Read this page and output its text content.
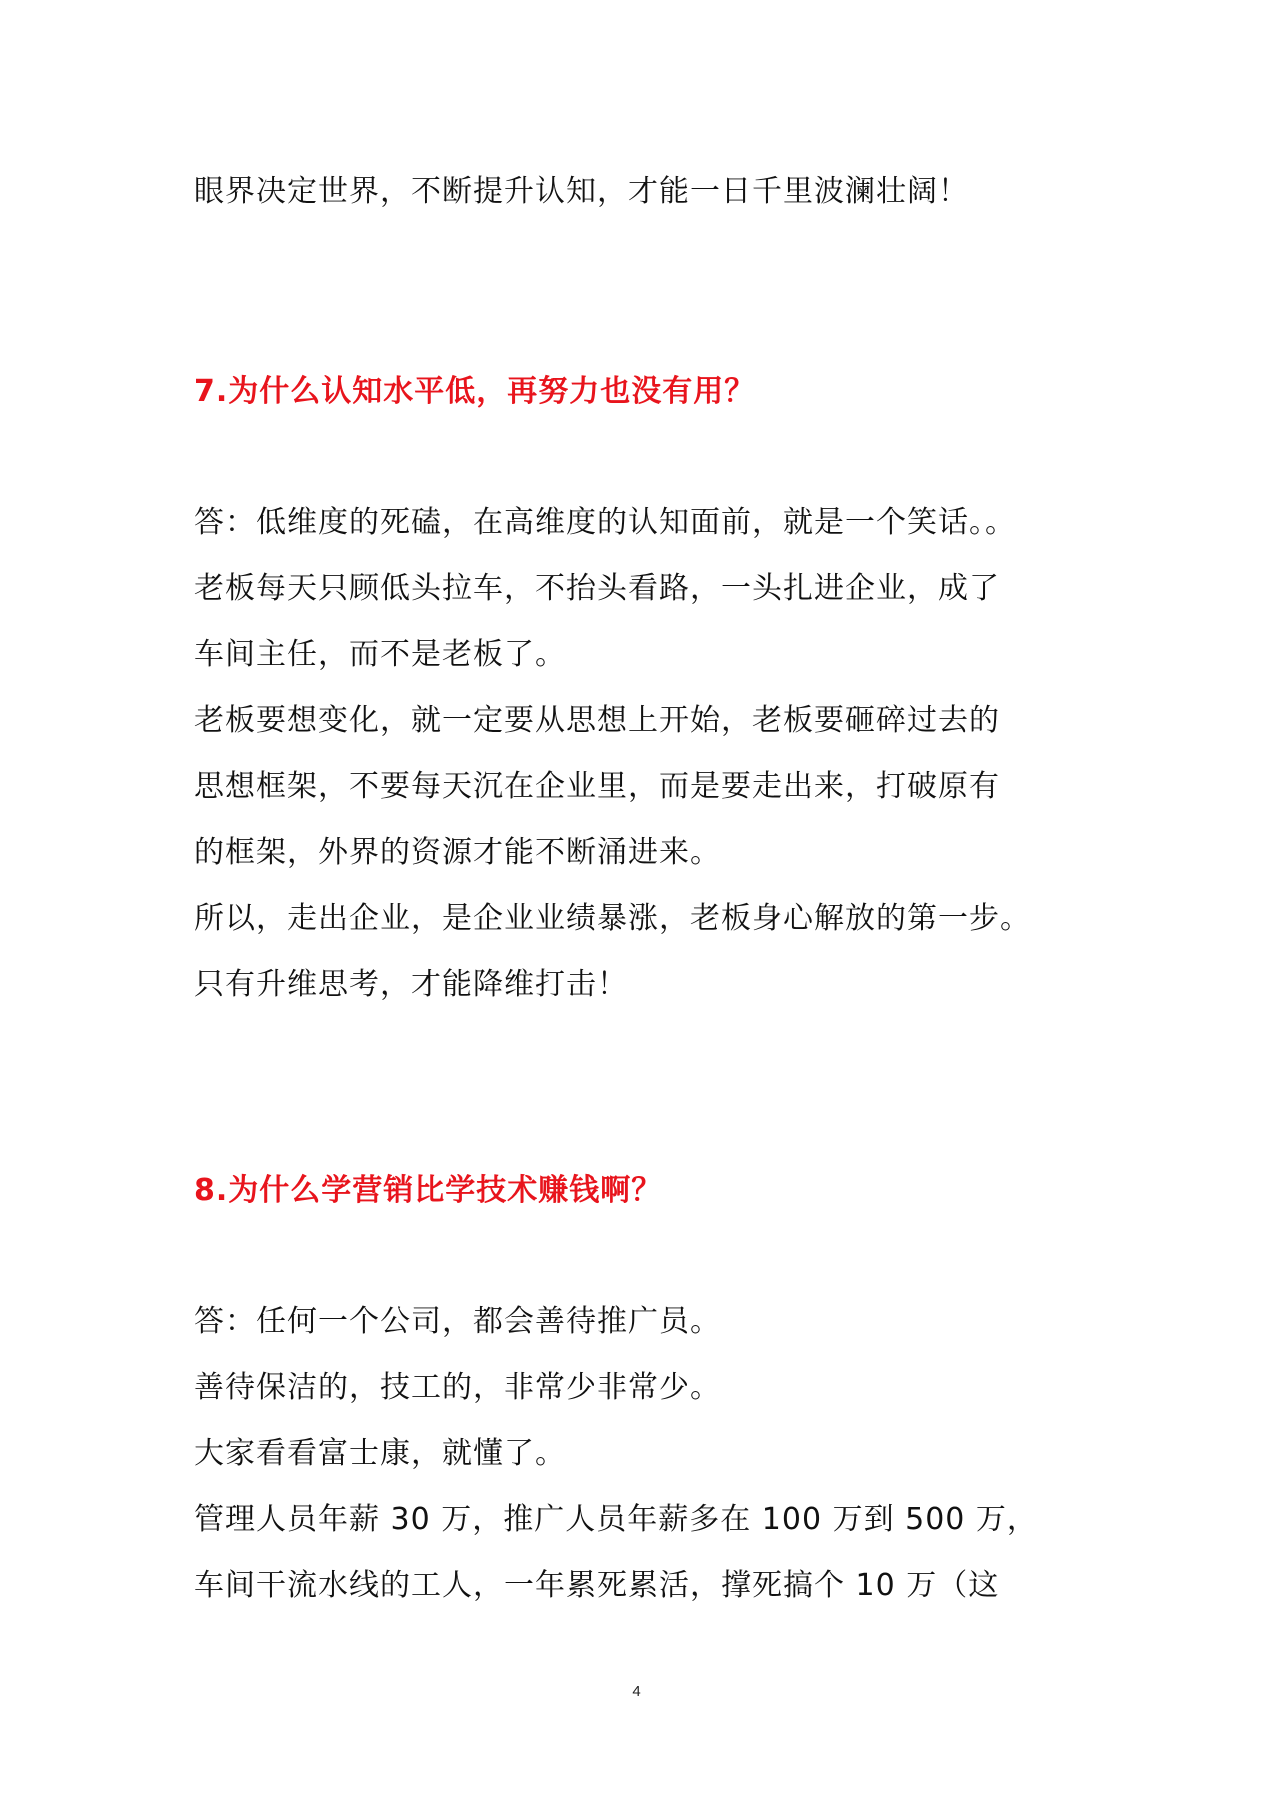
眼界决定世界，不断提升认知，才能一日千里波澜壮阔！
7.为什么认知水平低，再努力也没有用？
答：低维度的死磕，在高维度的认知面前，就是一个笑话。。
老板每天只顾低头拉车，不抬头看路，一头扎进企业，成了
车间主任，而不是老板了。
老板要想变化，就一定要从思想上开始，老板要砸碎过去的
思想框架，不要每天沉在企业里，而是要走出来，打破原有
的框架，外界的资源才能不断涌进来。
所以，走出企业，是企业业绩暴涨，老板身心解放的第一步。
只有升维思考，才能降维打击！
8.为什么学营销比学技术赚钱啊？
答：任何一个公司，都会善待推广员。
善待保洁的，技工的，非常少非常少。
大家看看富士康，就懂了。
管理人员年薪 30 万，推广人员年薪多在 100 万到 500 万，
车间干流水线的工人，一年累死累活，撑死搞个 10 万（这
4
